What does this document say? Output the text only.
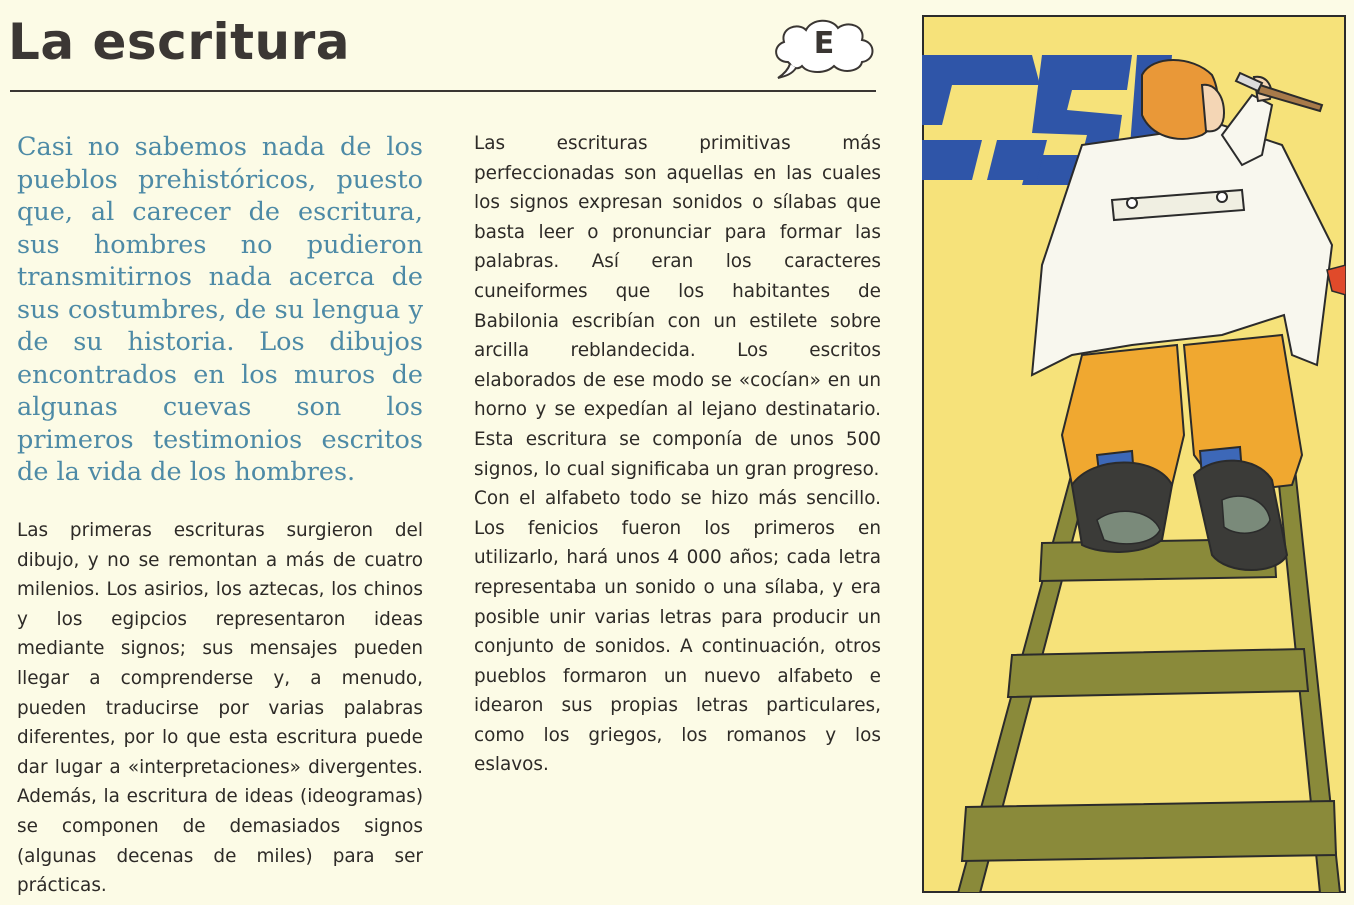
La escritura	E

Casi no sabemos nada de los pueblos prehistóricos, puesto que, al carecer de escritura, sus hombres no pudieron transmitirnos nada acerca de sus costumbres, de su lengua y de su historia. Los dibujos encontrados en los muros de algunas cuevas son los primeros testimonios escritos de la vida de los hombres.

Las primeras escrituras surgieron del dibujo, y no se remontan a más de cuatro milenios. Los asirios, los aztecas, los chinos y los egipcios representaron ideas mediante signos; sus mensajes pueden llegar a comprenderse y, a menudo, pueden traducirse por varias palabras diferentes, por lo que esta escritura puede dar lugar a «interpretaciones» divergentes. Además, la escritura de ideas (ideogramas) se componen de demasiados signos (algunas decenas de miles) para ser prácticas.

Las escrituras primitivas más perfeccionadas son aquellas en las cuales los signos expresan sonidos o sílabas que basta leer o pronunciar para formar las palabras. Así eran los caracteres cuneiformes que los habitantes de Babilonia escribían con un estilete sobre arcilla reblandecida. Los escritos elaborados de ese modo se «cocían» en un horno y se expedían al lejano destinatario. Esta escritura se componía de unos 500 signos, lo cual significaba un gran progreso.

Con el alfabeto todo se hizo más sencillo. Los fenicios fueron los primeros en utilizarlo, hará unos 4 000 años; cada letra representaba un sonido o una sílaba, y era posible unir varias letras para producir un conjunto de sonidos. A continuación, otros pueblos formaron un nuevo alfabeto e idearon sus propias letras particulares, como los griegos, los romanos y los eslavos.
